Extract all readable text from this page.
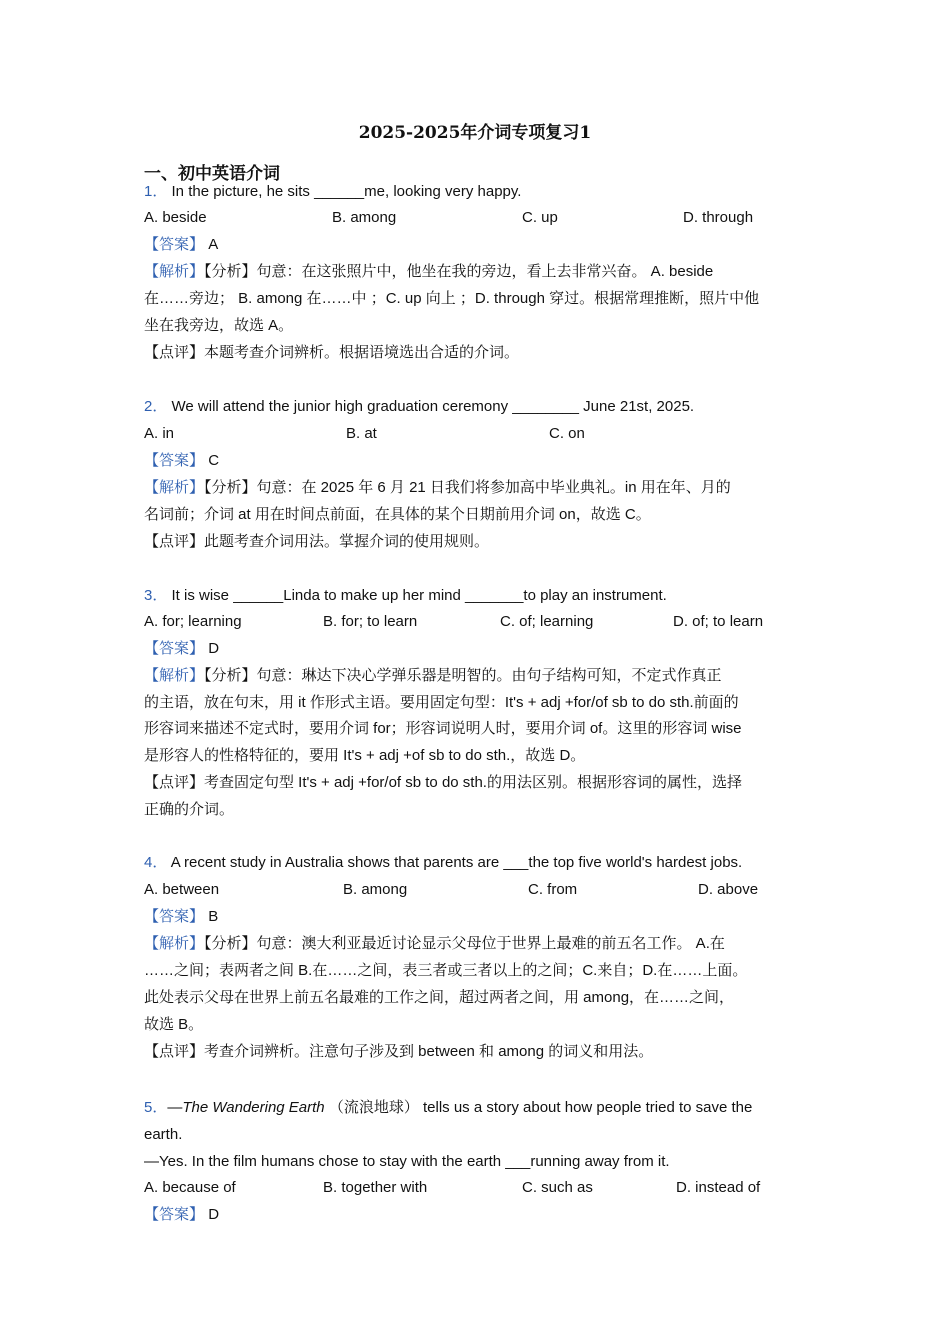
2025-2025年介词专项复习1
一、初中英语介词
1． In the picture, he sits ______me, looking very happy.
A. beside	B. among	C. up	D. through
【答案】 A
【解析】【分析】句意：在这张照片中，他坐在我的旁边，看上去非常兴奋。 A. beside
在……旁边； B. among 在……中 ；C. up 向上 ；D. through 穿过。根据常理推断，照片中他
坐在我旁边，故选 A。
【点评】本题考查介词辨析。根据语境选出合适的介词。
2． We will attend the junior high graduation ceremony ________ June 21st, 2025.
A. in	B. at	C. on
【答案】 C
【解析】【分析】句意：在 2025 年 6 月 21 日我们将参加高中毕业典礼。in 用在年、月的
名词前；介词 at 用在时间点前面，在具体的某个日期前用介词 on，故选 C。
【点评】此题考查介词用法。掌握介词的使用规则。
3． It is wise ______Linda to make up her mind _______to play an instrument.
A. for; learning	B. for; to learn	C. of; learning	D. of; to learn
【答案】 D
【解析】【分析】句意：琳达下决心学弹乐器是明智的。由句子结构可知，不定式作真正
的主语，放在句末，用 it 作形式主语。要用固定句型：It's + adj +for/of sb to do sth.前面的
形容词来描述不定式时，要用介词 for；形容词说明人时，要用介词 of。这里的形容词 wise
是形容人的性格特征的，要用 It's + adj +of sb to do sth.，故选 D。
【点评】考查固定句型 It's + adj +for/of sb to do sth.的用法区别。根据形容词的属性，选择
正确的介词。
4． A recent study in Australia shows that parents are ___the top five world's hardest jobs.
A. between	B. among	C. from	D. above
【答案】 B
【解析】【分析】句意：澳大利亚最近讨论显示父母位于世界上最难的前五名工作。 A.在
……之间；表两者之间 B.在……之间，表三者或三者以上的之间；C.来自；D.在……上面。
此处表示父母在世界上前五名最难的工作之间，超过两者之间，用 among，在……之间，
故选 B。
【点评】考查介词辨析。注意句子涉及到 between 和 among 的词义和用法。
5．—The Wandering Earth （流浪地球） tells us a story about how people tried to save the
earth.
—Yes. In the film humans chose to stay with the earth ___running away from it.
A. because of	B. together with	C. such as	D. instead of
【答案】 D
